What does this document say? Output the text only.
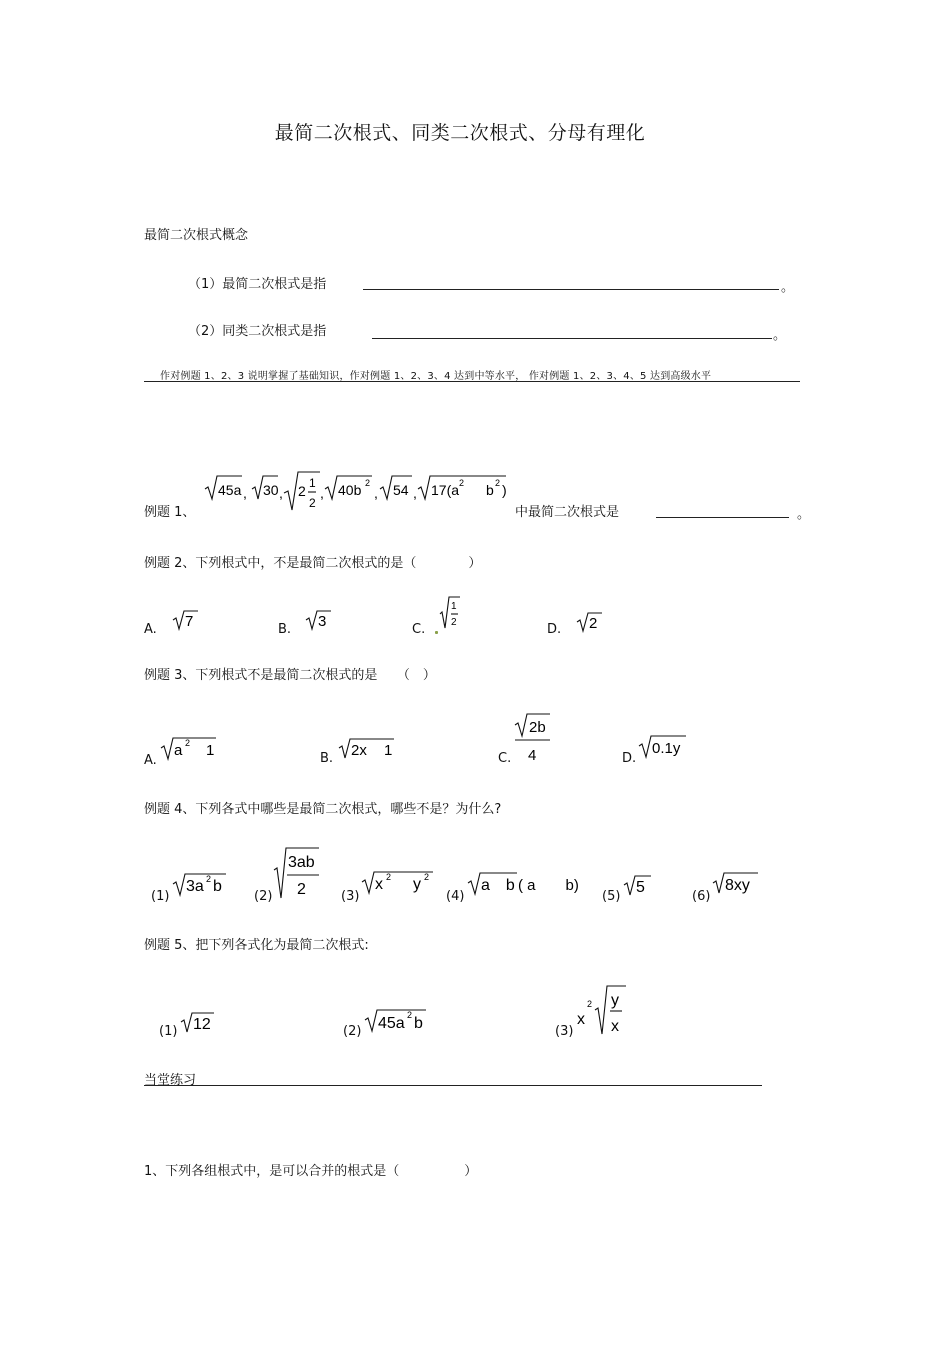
最简二次根式、同类二次根式、分母有理化
最简二次根式概念
（1）最简二次根式是指	。
（2）同类二次根式是指	。
作对例题 1、2、3 说明掌握了基础知识，作对例题 1、2、3、4 达到中等水平， 作对例题 1、2、3、4、5 达到高级水平
例题 1、
45a , 30 , 2 1
2
, 40b 2
, 54 , 17(a 2 b 2 )
中最简二次根式是	。
例题 2、下列根式中，不是最简二次根式的是（　　　　）
A. 7	B. 3	C.
1
2	D. 2
例题 3、下列根式不是最简二次根式的是　　（　）
A.
a 2 1	B. 2x 1	C.
2b
4	D.
0.1y
例题 4、下列各式中哪些是最简二次根式，哪些不是？为什么?
(1)
3a 2 b
(2)
3ab
2	(3)
x 2 y 2
(4)
a　b ( a　　b)
(5)
5
(6)
8xy
例题 5、把下列各式化为最简二次根式:
(1) 12	(2) 45a 2 b	(3)
x
2 y
x
当堂练习
1、下列各组根式中，是可以合并的根式是（　　　　　）
